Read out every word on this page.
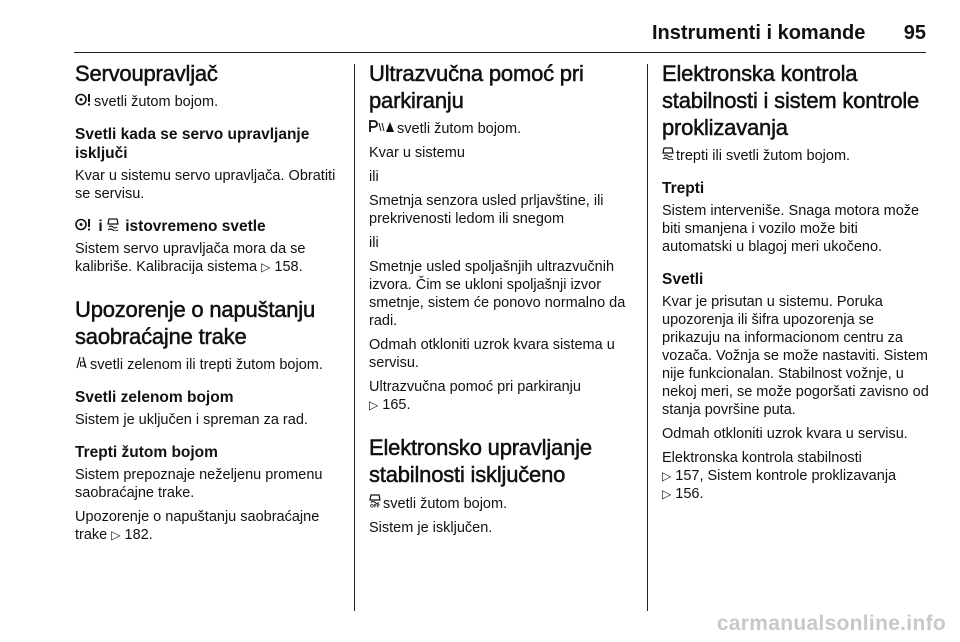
Instrumenti i komande 95
Servoupravljač

svetli žutom bojom.

Svetli kada se servo upravljanje isključi

Kvar u sistemu servo upravljača. Obratiti se servisu.

i istovremeno svetle

Sistem servo upravljača mora da se kalibriše. Kalibracija sistema ▷ 158.

Upozorenje o napuštanju saobraćajne trake

svetli zelenom ili trepti žutom bojom.

Svetli zelenom bojom

Sistem je uključen i spreman za rad.

Trepti žutom bojom

Sistem prepoznaje neželjenu promenu saobraćajne trake.

Upozorenje o napuštanju saobraćajne trake ▷ 182.

Ultrazvučna pomoć pri parkiranju

svetli žutom bojom.

Kvar u sistemu

ili

Smetnja senzora usled prljavštine, ili prekrivenosti ledom ili snegom

ili

Smetnje usled spoljašnjih ultrazvučnih izvora. Čim se ukloni spoljašnji izvor smetnje, sistem će ponovo normalno da radi.

Odmah otkloniti uzrok kvara sistema u servisu.

Ultrazvučna pomoć pri parkiranju
▷ 165.

Elektronsko upravljanje stabilnosti isključeno

OFF svetli žutom bojom.

Sistem je isključen.

Elektronska kontrola stabilnosti i sistem kontrole proklizavanja

trepti ili svetli žutom bojom.

Trepti

Sistem interveniše. Snaga motora može biti smanjena i vozilo može biti automatski u blagoj meri ukočeno.

Svetli

Kvar je prisutan u sistemu. Poruka upozorenja ili šifra upozorenja se prikazuju na informacionom centru za vozača. Vožnja se može nastaviti. Sistem nije funkcionalan. Stabilnost vožnje, u nekoj meri, se može pogoršati zavisno od stanja površine puta.

Odmah otkloniti uzrok kvara u servisu.

Elektronska kontrola stabilnosti
▷ 157, Sistem kontrole proklizavanja
▷ 156.

carmanualsonline.info
